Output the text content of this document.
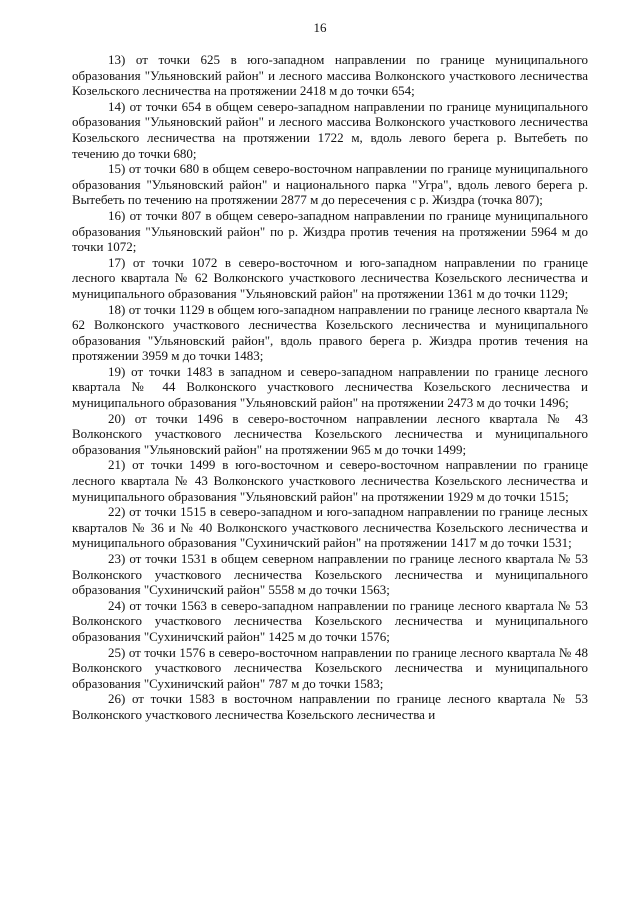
16

13) от точки 625 в юго-западном направлении по границе муниципального образования "Ульяновский район" и лесного массива Волконского участкового лесничества Козельского лесничества на протяжении 2418 м до точки 654;

14) от точки 654 в общем северо-западном направлении по границе муниципального образования "Ульяновский район" и лесного массива Волконского участкового лесничества Козельского лесничества на протяжении 1722 м, вдоль левого берега р. Вытебеть по течению до точки 680;

15) от точки 680 в общем северо-восточном направлении по границе муниципального образования "Ульяновский район" и национального парка "Угра", вдоль левого берега р. Вытебеть по течению на протяжении 2877 м до пересечения с р. Жиздра (точка 807);

16) от точки 807 в общем северо-западном направлении по границе муниципального образования "Ульяновский район" по р. Жиздра против течения на протяжении 5964 м до точки 1072;

17) от точки 1072 в северо-восточном и юго-западном направлении по границе лесного квартала № 62 Волконского участкового лесничества Козельского лесничества и муниципального образования "Ульяновский район" на протяжении 1361 м до точки 1129;

18) от точки 1129 в общем юго-западном направлении по границе лесного квартала № 62 Волконского участкового лесничества Козельского лесничества и муниципального образования "Ульяновский район", вдоль правого берега р. Жиздра против течения на протяжении 3959 м до точки 1483;

19) от точки 1483 в западном и северо-западном направлении по границе лесного квартала № 44 Волконского участкового лесничества Козельского лесничества и муниципального образования "Ульяновский район" на протяжении 2473 м до точки 1496;

20) от точки 1496 в северо-восточном направлении лесного квартала № 43 Волконского участкового лесничества Козельского лесничества и муниципального образования "Ульяновский район" на протяжении 965 м до точки 1499;

21) от точки 1499 в юго-восточном и северо-восточном направлении по границе лесного квартала № 43 Волконского участкового лесничества Козельского лесничества и муниципального образования "Ульяновский район" на протяжении 1929 м до точки 1515;

22) от точки 1515 в северо-западном и юго-западном направлении по границе лесных кварталов № 36 и № 40 Волконского участкового лесничества Козельского лесничества и муниципального образования "Сухиничский район" на протяжении 1417 м до точки 1531;

23) от точки 1531 в общем северном направлении по границе лесного квартала № 53 Волконского участкового лесничества Козельского лесничества и муниципального образования "Сухиничский район" 5558 м до точки 1563;

24) от точки 1563 в северо-западном направлении по границе лесного квартала № 53 Волконского участкового лесничества Козельского лесничества и муниципального образования "Сухиничский район" 1425 м до точки 1576;

25) от точки 1576 в северо-восточном направлении по границе лесного квартала № 48 Волконского участкового лесничества Козельского лесничества и муниципального образования "Сухиничский район" 787 м до точки 1583;

26) от точки 1583 в восточном направлении по границе лесного квартала № 53 Волконского участкового лесничества Козельского лесничества и
